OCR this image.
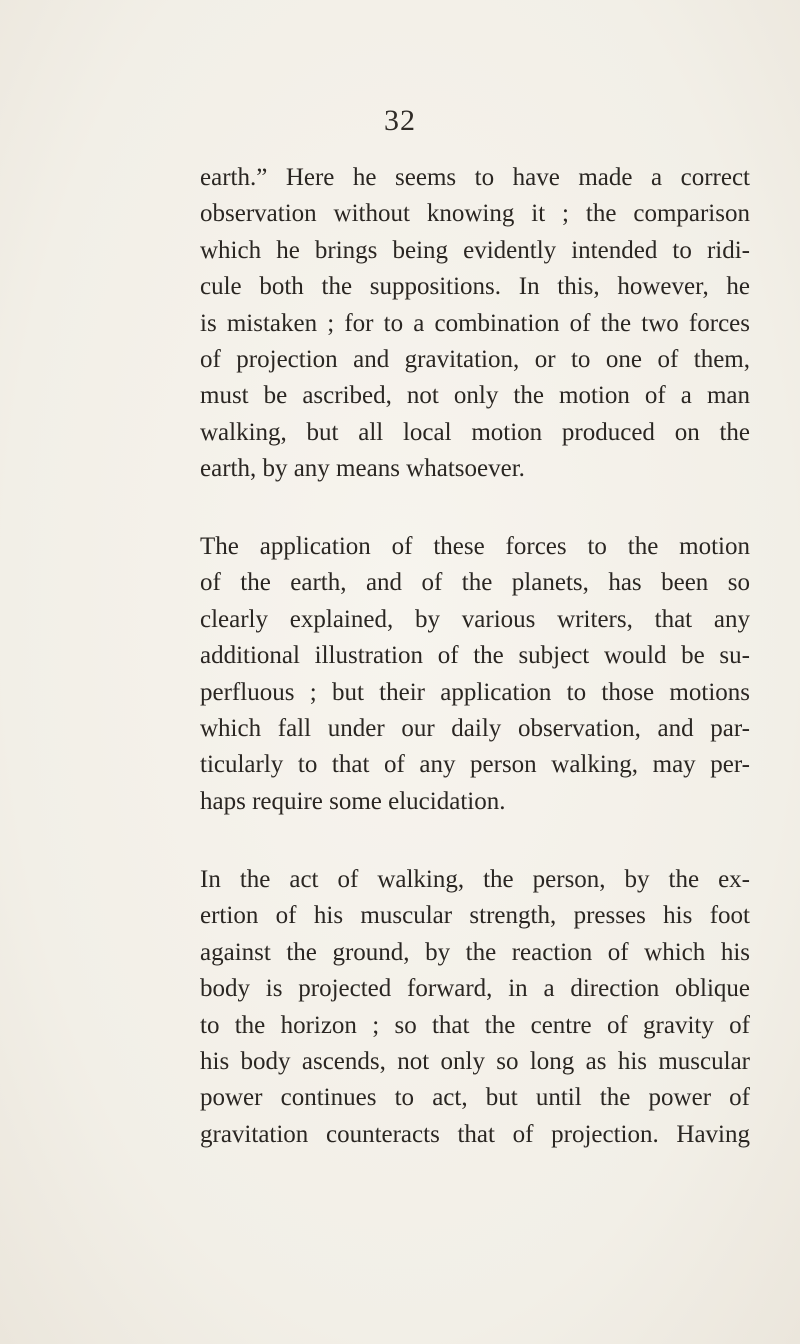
32
earth.” Here he seems to have made a correct
observation without knowing it ; the comparison
which he brings being evidently intended to ridi-
cule both the suppositions. In this, however, he
is mistaken ; for to a combination of the two forces
of projection and gravitation, or to one of them,
must be ascribed, not only the motion of a man
walking, but all local motion produced on the
earth, by any means whatsoever.
The application of these forces to the motion
of the earth, and of the planets, has been so
clearly explained, by various writers, that any
additional illustration of the subject would be su-
perfluous ; but their application to those motions
which fall under our daily observation, and par-
ticularly to that of any person walking, may per-
haps require some elucidation.
In the act of walking, the person, by the ex-
ertion of his muscular strength, presses his foot
against the ground, by the reaction of which his
body is projected forward, in a direction oblique
to the horizon ; so that the centre of gravity of
his body ascends, not only so long as his muscular
power continues to act, but until the power of
gravitation counteracts that of projection. Having
